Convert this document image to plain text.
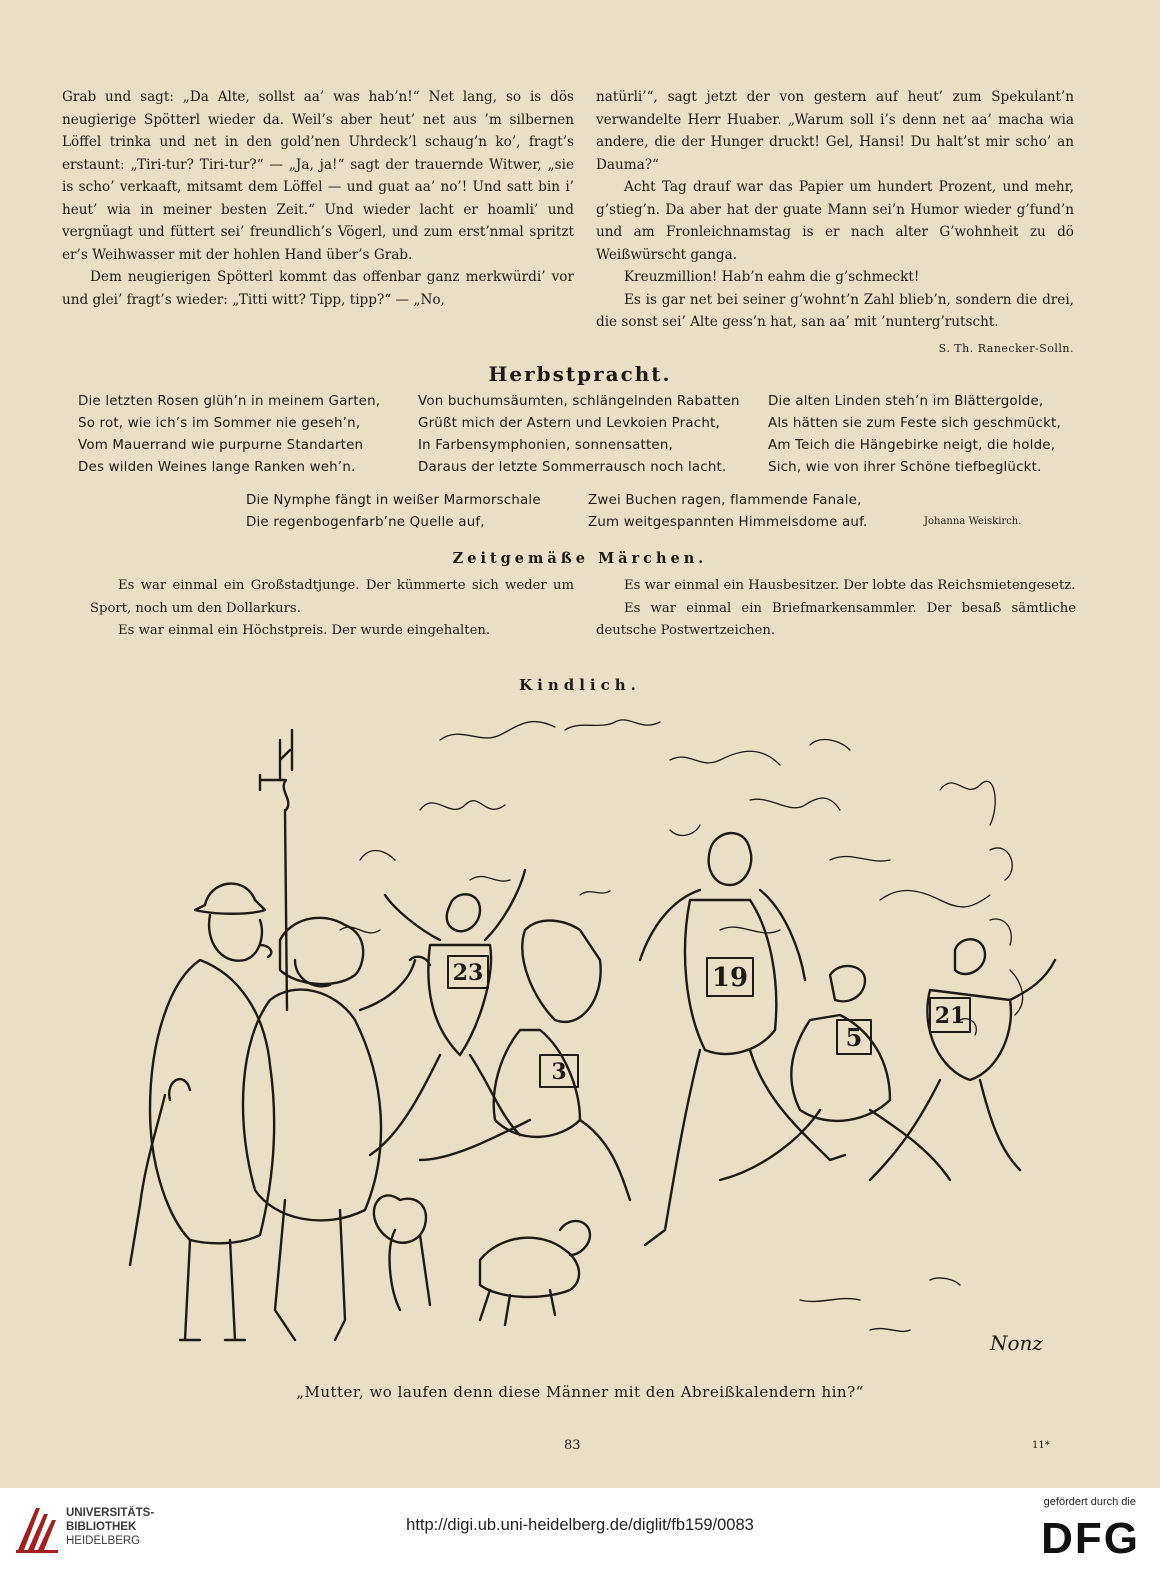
Grab und sagt: „Da Alte, sollst aa’ was hab’n!“ Net lang, so is dös neugierige Spötterl wieder da. Weil’s aber heut’ net aus ’m silbernen Löffel trinka und net in den gold’nen Uhrdeck’l schaug’n ko’, fragt’s erstaunt: „Tiri-tur? Tiri-tur?“ — „Ja, ja!“ sagt der trauernde Witwer, „sie is scho’ verkaaft, mitsamt dem Löffel — und guat aa’ no’! Und satt bin i’ heut’ wia in meiner besten Zeit.“ Und wieder lacht er hoamli’ und vergnüagt und füttert sei’ freundlich’s Vögerl, und zum erst’nmal spritzt er’s Weihwasser mit der hohlen Hand über’s Grab.

Dem neugierigen Spötterl kommt das offenbar ganz merkwürdi’ vor und glei’ fragt’s wieder: „Titti witt? Tipp, tipp?“ — „No,

natürli’“, sagt jetzt der von gestern auf heut’ zum Spekulant’n verwandelte Herr Huaber. „Warum soll i’s denn net aa’ macha wia andere, die der Hunger druckt! Gel, Hansi! Du halt’st mir scho’ an Dauma?“

Acht Tag drauf war das Papier um hundert Prozent, und mehr, g’stieg’n. Da aber hat der guate Mann sei’n Humor wieder g’fund’n und am Fronleichnamstag is er nach alter G’wohnheit zu dö Weißwürscht ganga.

Kreuzmillion! Hab’n eahm die g’schmeckt!

Es is gar net bei seiner g’wohnt’n Zahl blieb’n, sondern die drei, die sonst sei’ Alte gess’n hat, san aa’ mit ’nunterg’rutscht.

S. Th. Ranecker-Solln.
Herbstpracht.
Die letzten Rosen glüh’n in meinem Garten,
So rot, wie ich’s im Sommer nie geseh’n,
Vom Mauerrand wie purpurne Standarten
Des wilden Weines lange Ranken weh’n.
Von buchumsäumten, schlängelnden Rabatten
Grüßt mich der Astern und Levkoien Pracht,
In Farbensymphonien, sonnensatten,
Daraus der letzte Sommerrausch noch lacht.
Die alten Linden steh’n im Blättergolde,
Als hätten sie zum Feste sich geschmückt,
Am Teich die Hängebirke neigt, die holde,
Sich, wie von ihrer Schöne tiefbeglückt.
Die Nymphe fängt in weißer Marmorschale
Die regenbogenfarb’ne Quelle auf,
Zwei Buchen ragen, flammende Fanale,
Zum weitgespannten Himmelsdome auf.	Johanna Weiskirch.
Zeitgemäße Märchen.

Es war einmal ein Großstadtjunge. Der kümmerte sich weder um Sport, noch um den Dollarkurs.

Es war einmal ein Höchstpreis. Der wurde eingehalten.

Es war einmal ein Hausbesitzer. Der lobte das Reichsmietengesetz.

Es war einmal ein Briefmarkensammler. Der besaß sämtliche deutsche Postwertzeichen.

Kindlich.
23
3
19
5
21
Nonz
„Mutter, wo laufen denn diese Männer mit den Abreißkalendern hin?“
83	11*
UNIVERSITÄTS-
BIBLIOTHEK
HEIDELBERG
http://digi.ub.uni-heidelberg.de/diglit/fb159/0083
gefördert durch die
DFG
